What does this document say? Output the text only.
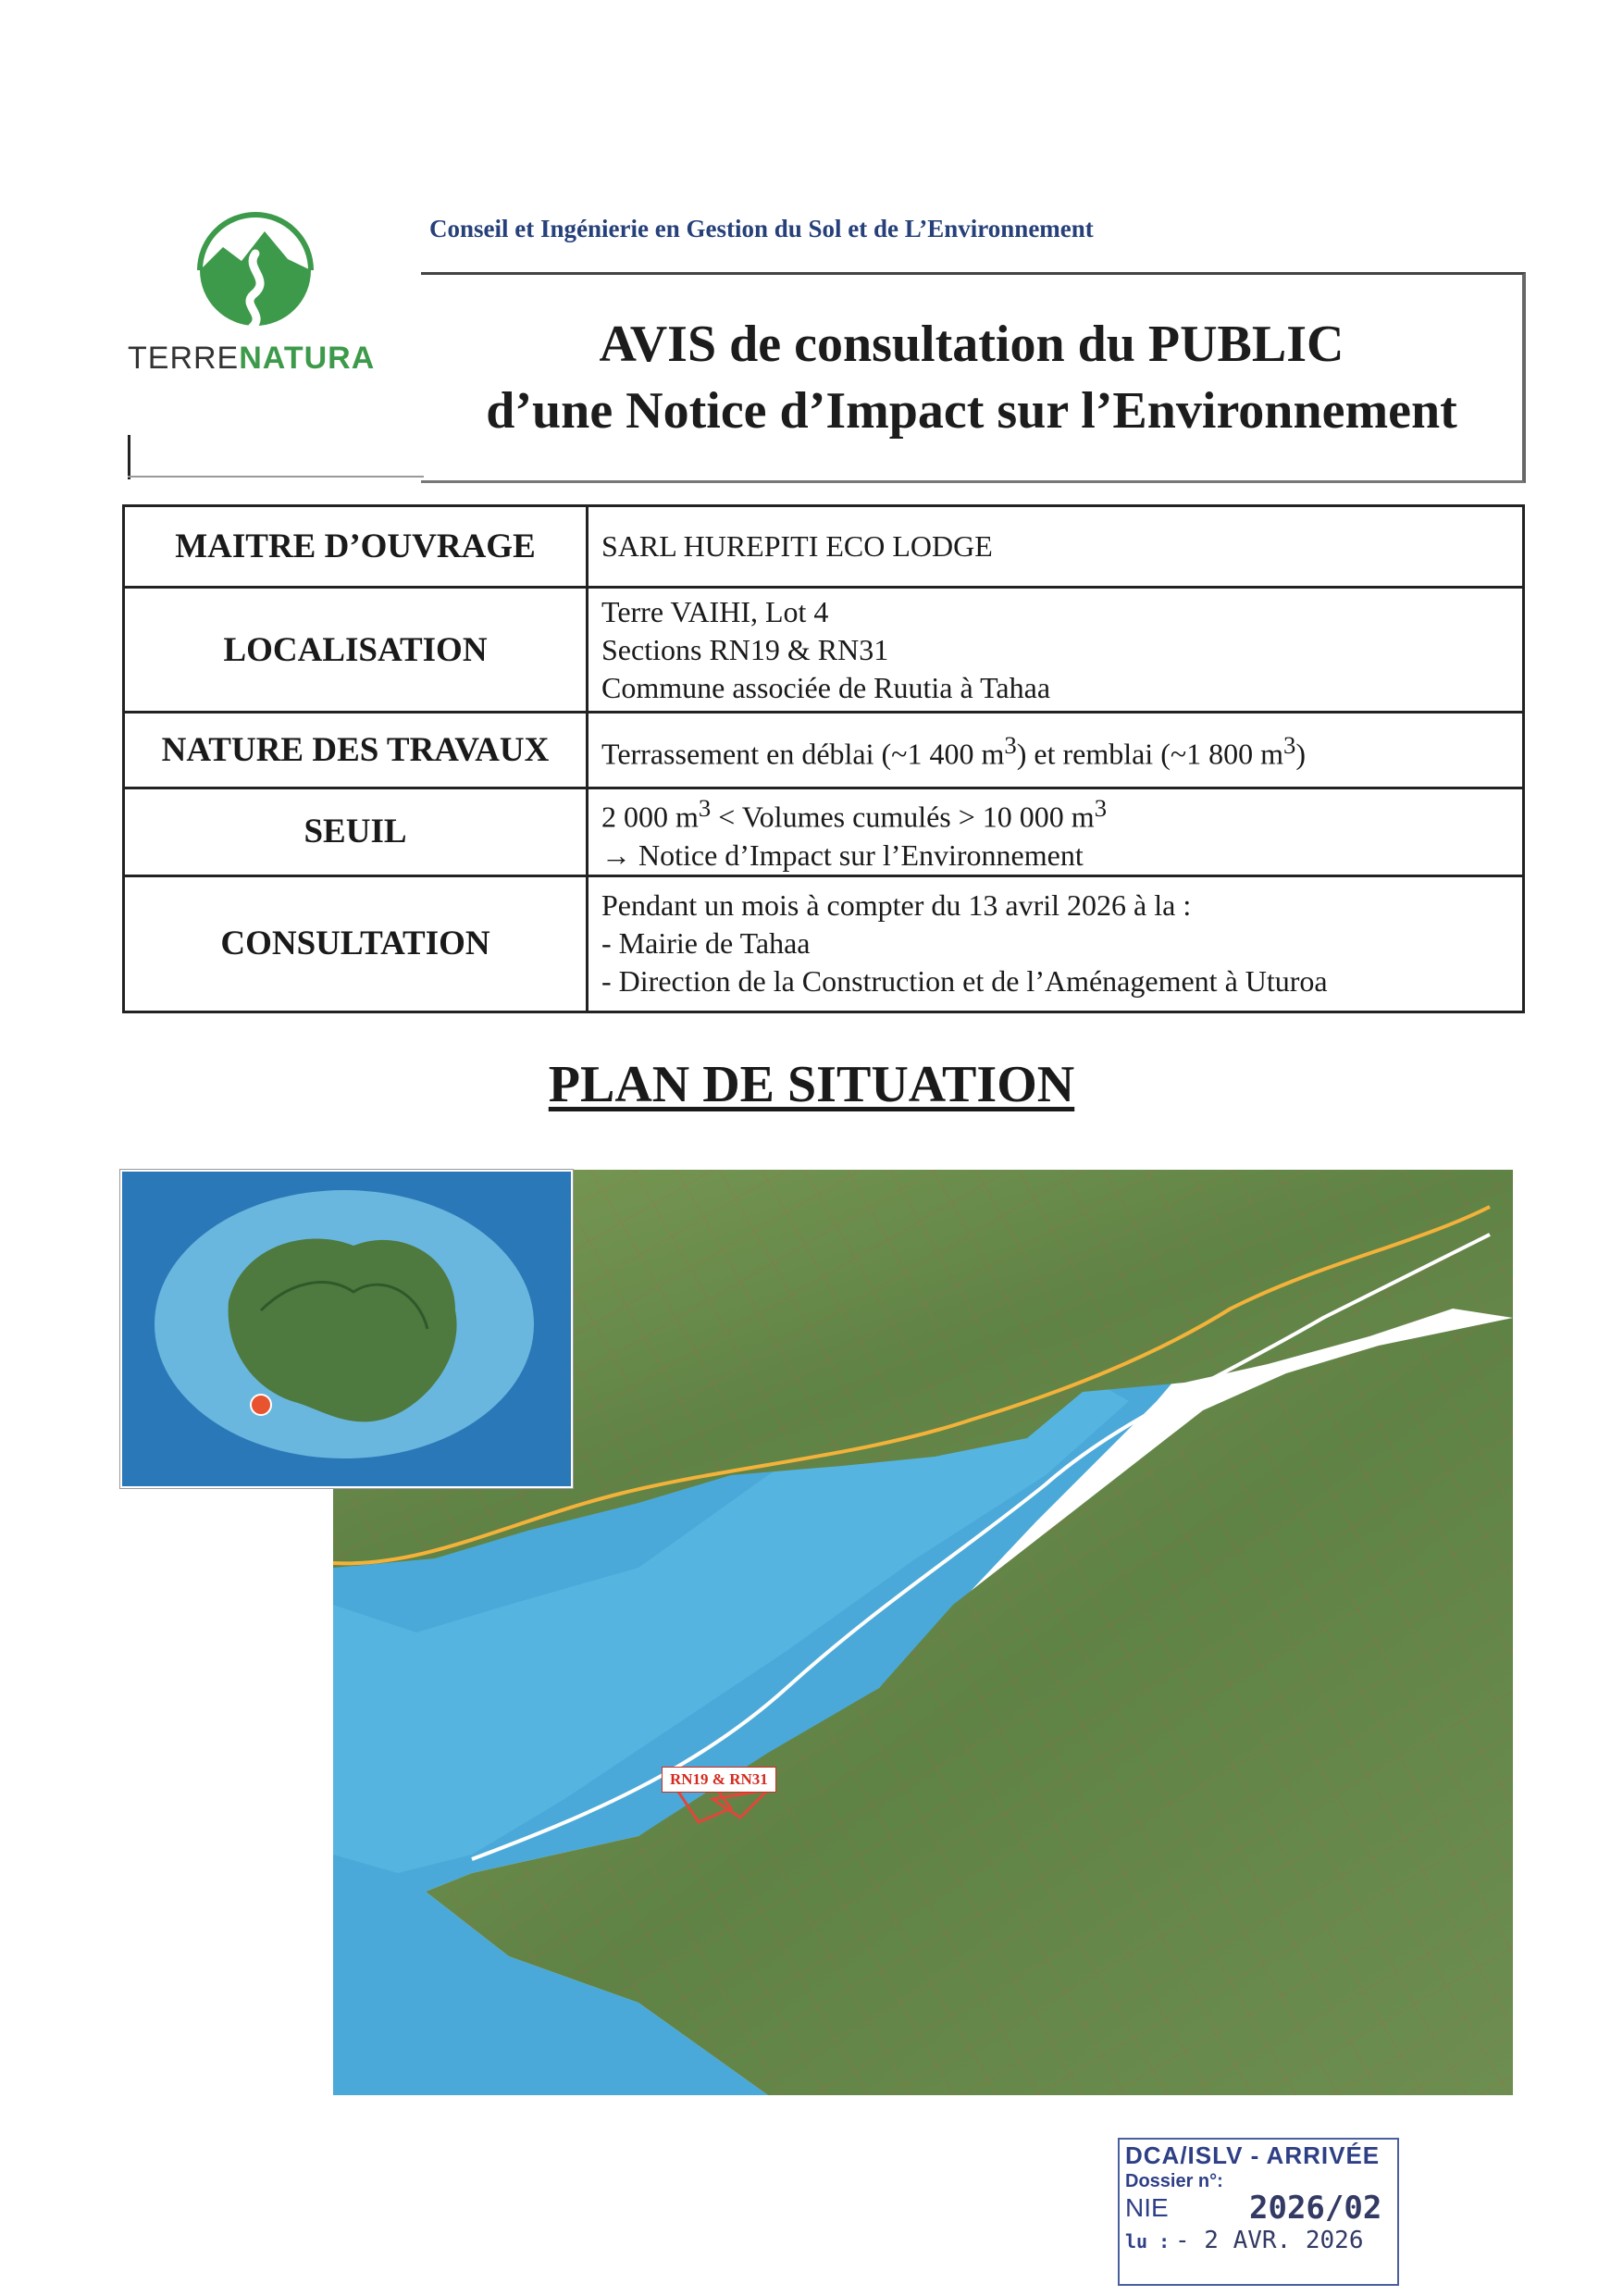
TERRENATURA
Conseil et Ingénierie en Gestion du Sol et de L’Environnement
AVIS de consultation du PUBLIC
d’une Notice d’Impact sur l’Environnement
MAITRE D’OUVRAGE	SARL HUREPITI ECO LODGE
LOCALISATION	Terre VAIHI, Lot 4
Sections RN19 & RN31
Commune associée de Ruutia à Tahaa

NATURE DES TRAVAUX	Terrassement en déblai (~1 400 $m^3$) et remblai (~1 800 $m^3$)

SEUIL	2 000 $m^3$ < Volumes cumulés > 10 000 $m^3$
→ Notice d’Impact sur l’Environnement

CONSULTATION	Pendant un mois à compter du 13 avril 2026 à la :
- Mairie de Tahaa
- Direction de la Construction et de l’Aménagement à Uturoa
PLAN DE SITUATION
RN19 & RN31
DCA/ISLV - ARRIVÉE
Dossier n°:
NIE	2026/02
lu : - 2 AVR. 2026
